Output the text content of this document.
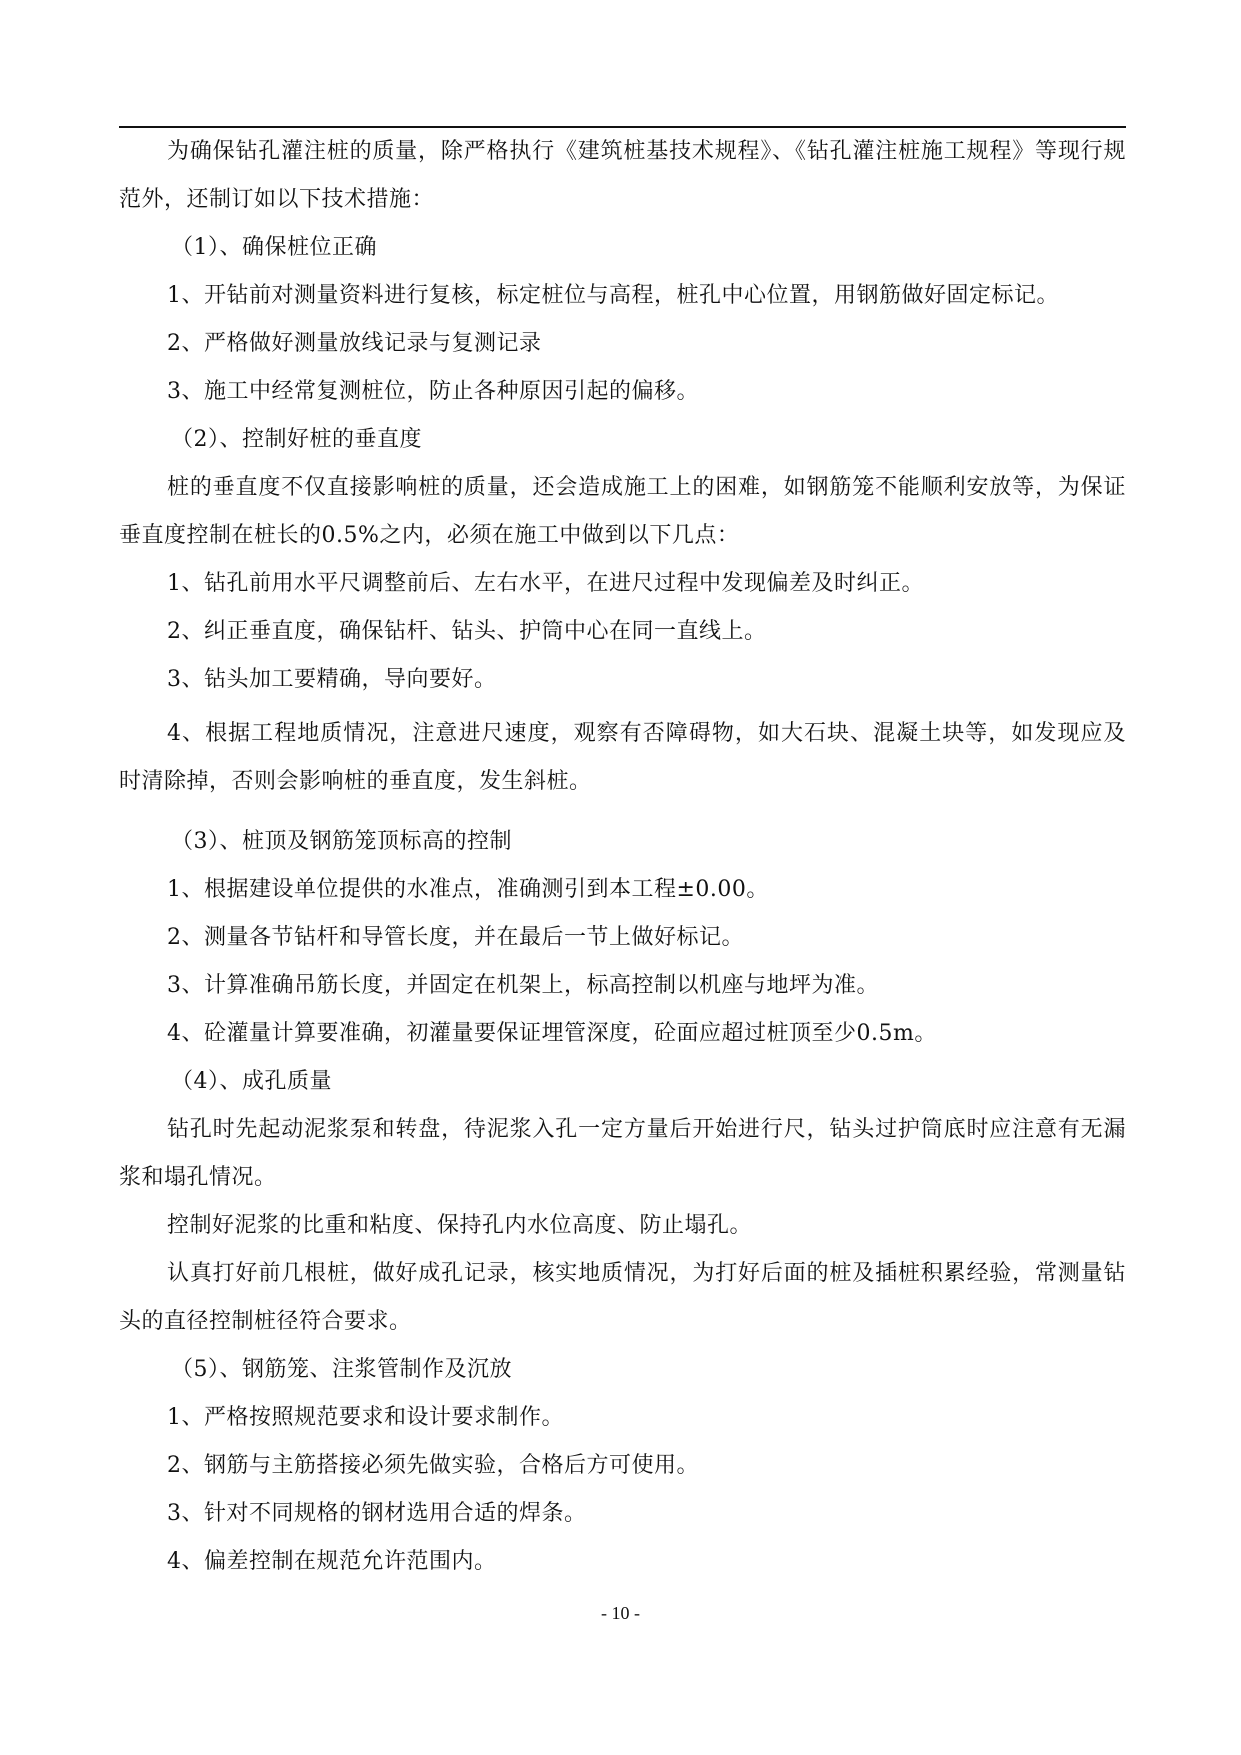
为确保钻孔灌注桩的质量，除严格执行《建筑桩基技术规程》、《钻孔灌注桩施工规程》等现行规范外，还制订如以下技术措施：

（1）、确保桩位正确

1、开钻前对测量资料进行复核，标定桩位与高程，桩孔中心位置，用钢筋做好固定标记。

2、严格做好测量放线记录与复测记录

3、施工中经常复测桩位，防止各种原因引起的偏移。

（2）、控制好桩的垂直度

桩的垂直度不仅直接影响桩的质量，还会造成施工上的困难，如钢筋笼不能顺利安放等，为保证垂直度控制在桩长的0.5%之内，必须在施工中做到以下几点：

1、钻孔前用水平尺调整前后、左右水平，在进尺过程中发现偏差及时纠正。

2、纠正垂直度，确保钻杆、钻头、护筒中心在同一直线上。

3、钻头加工要精确，导向要好。

4、根据工程地质情况，注意进尺速度，观察有否障碍物，如大石块、混凝土块等，如发现应及时清除掉，否则会影响桩的垂直度，发生斜桩。

（3）、桩顶及钢筋笼顶标高的控制

1、根据建设单位提供的水准点，准确测引到本工程±0.00。

2、测量各节钻杆和导管长度，并在最后一节上做好标记。

3、计算准确吊筋长度，并固定在机架上，标高控制以机座与地坪为准。

4、砼灌量计算要准确，初灌量要保证埋管深度，砼面应超过桩顶至少0.5m。

（4）、成孔质量

钻孔时先起动泥浆泵和转盘，待泥浆入孔一定方量后开始进行尺，钻头过护筒底时应注意有无漏浆和塌孔情况。

控制好泥浆的比重和粘度、保持孔内水位高度、防止塌孔。

认真打好前几根桩，做好成孔记录，核实地质情况，为打好后面的桩及插桩积累经验，常测量钻头的直径控制桩径符合要求。

（5）、钢筋笼、注浆管制作及沉放

1、严格按照规范要求和设计要求制作。

2、钢筋与主筋搭接必须先做实验，合格后方可使用。

3、针对不同规格的钢材选用合适的焊条。

4、偏差控制在规范允许范围内。

- 10 -
